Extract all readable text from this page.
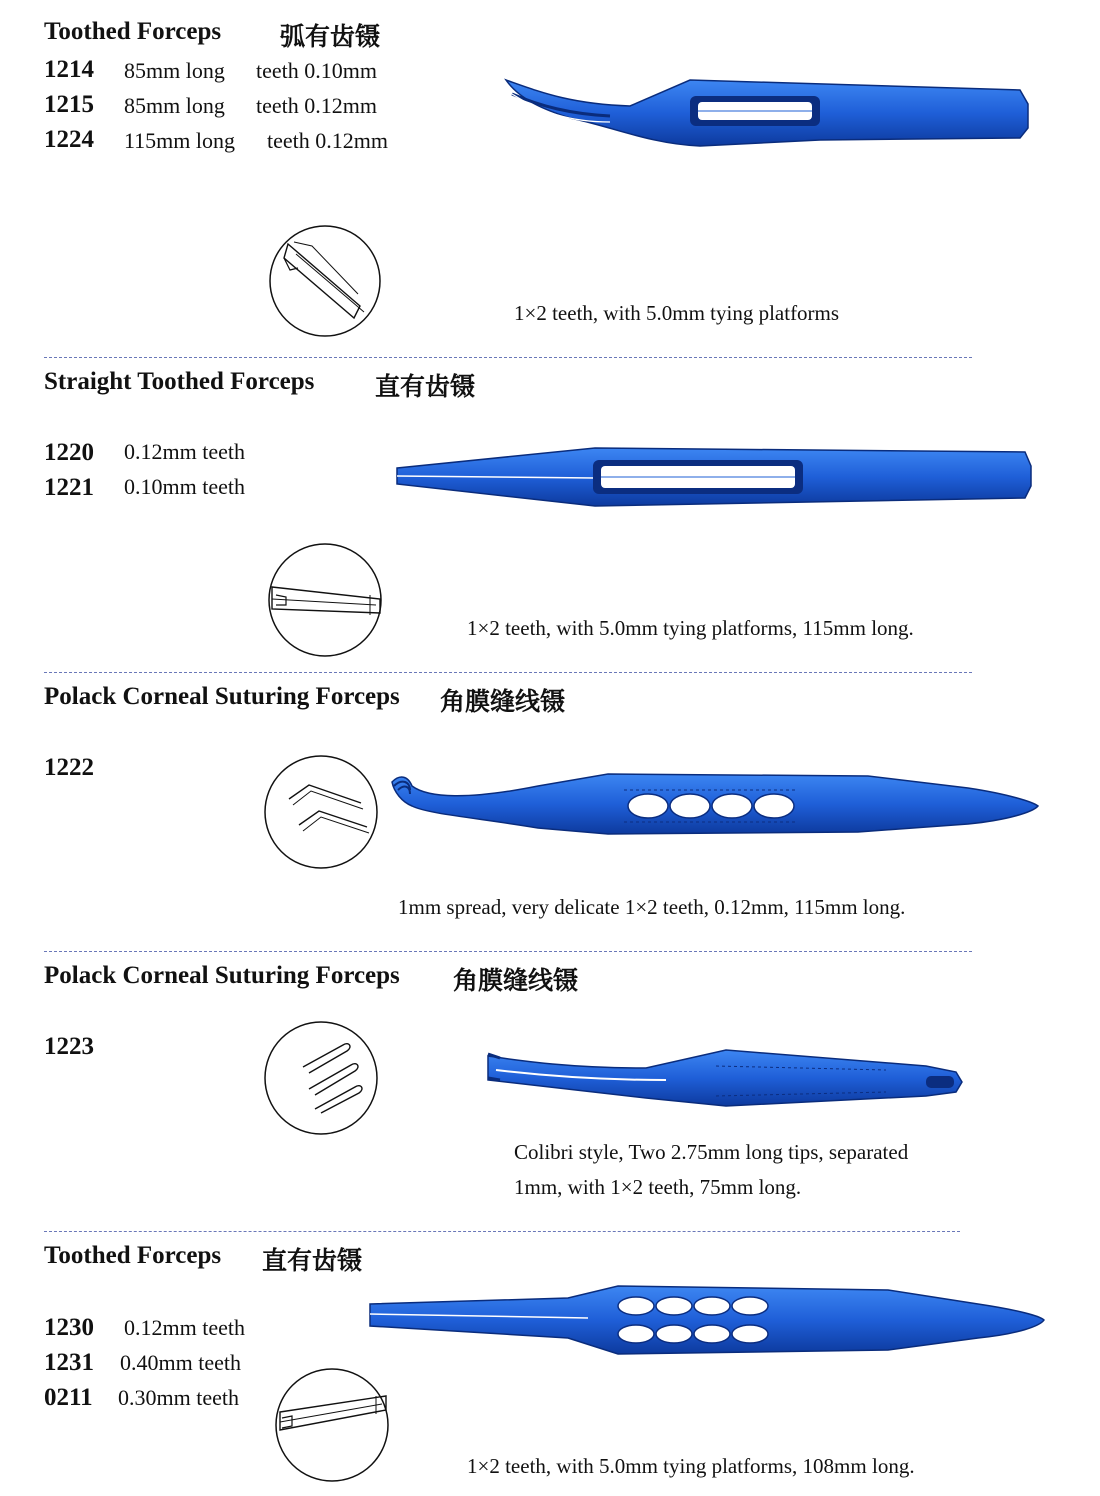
Toothed Forceps 弧有齿镊
1214 85mm long teeth 0.10mm
1215 85mm long teeth 0.12mm
1224 115mm long teeth 0.12mm
1×2 teeth, with 5.0mm tying platforms
Straight Toothed Forceps 直有齿镊
1220 0.12mm teeth
1221 0.10mm teeth
1×2 teeth, with 5.0mm tying platforms, 115mm long.
Polack Corneal Suturing Forceps 角膜缝线镊
1222
1mm spread, very delicate 1×2 teeth, 0.12mm, 115mm long.
Polack Corneal Suturing Forceps 角膜缝线镊
1223
Colibri style, Two 2.75mm long tips, separated
1mm, with 1×2 teeth, 75mm long.
Toothed Forceps 直有齿镊
1230 0.12mm teeth
1231 0.40mm teeth
0211 0.30mm teeth
1×2 teeth, with 5.0mm tying platforms, 108mm long.
